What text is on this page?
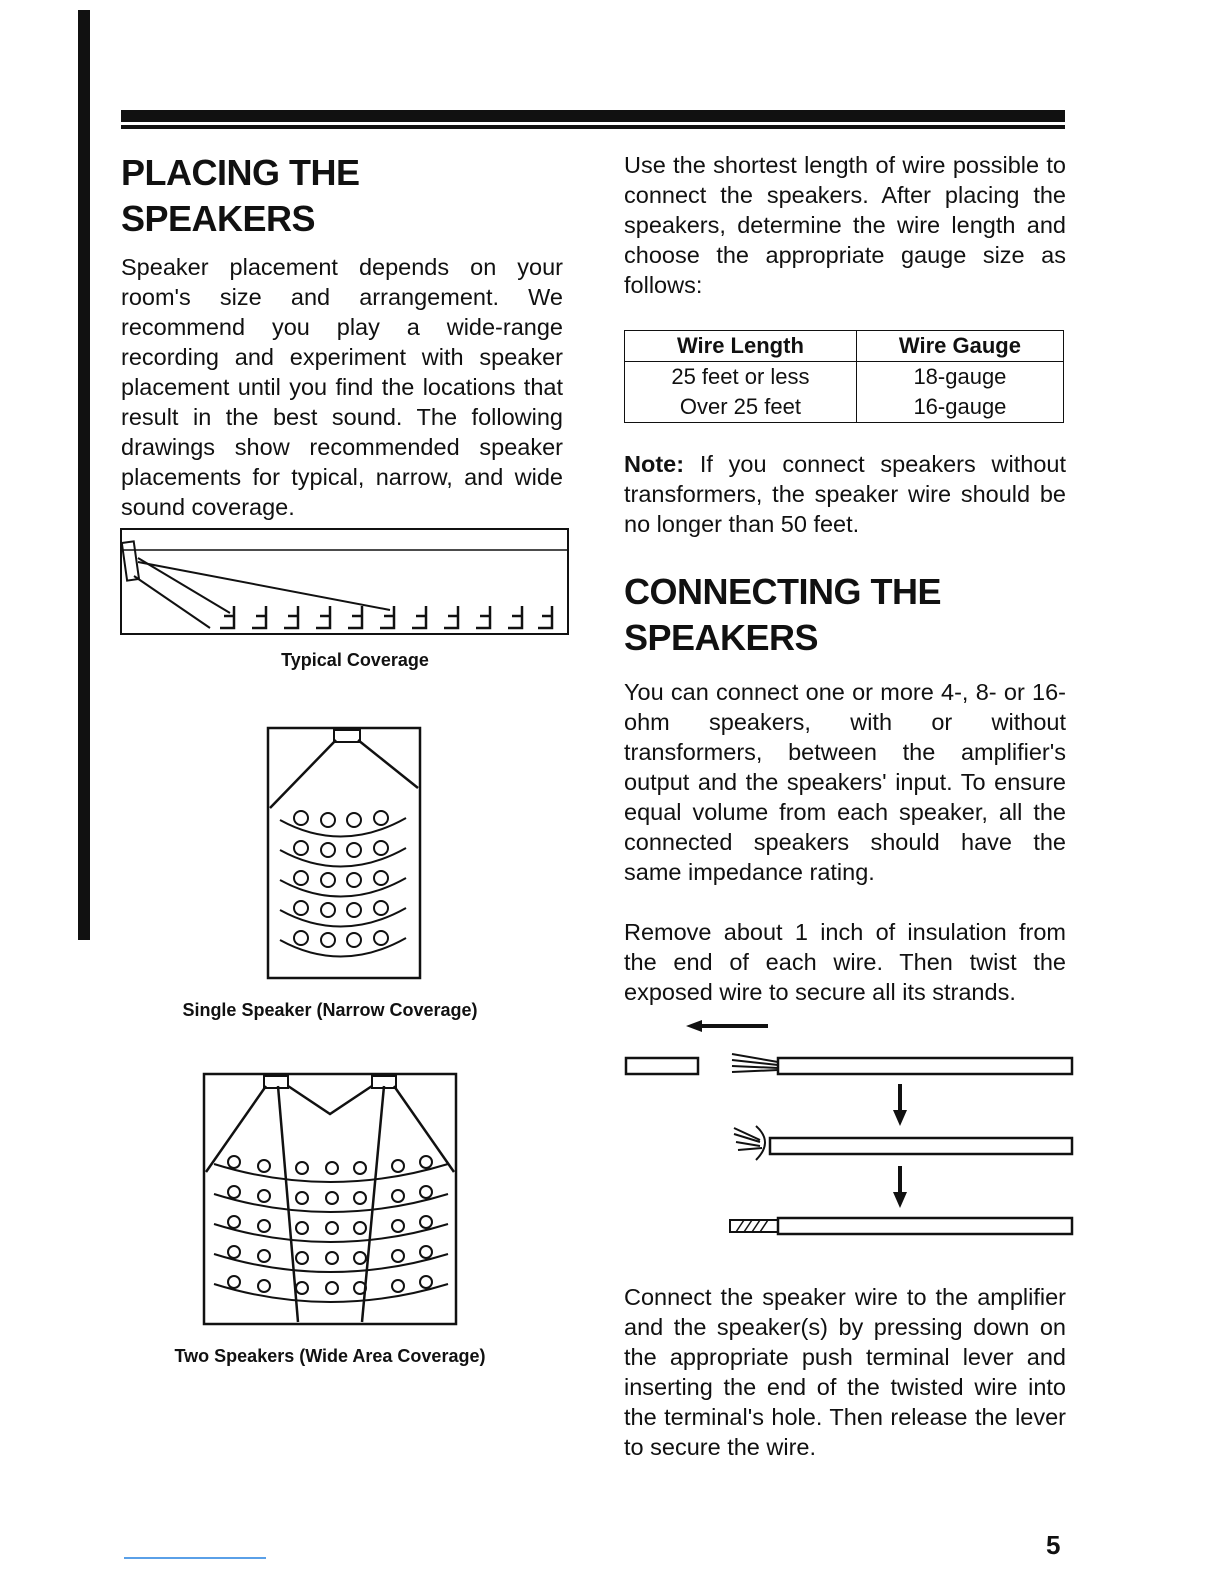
PLACING THE SPEAKERS

Speaker placement depends on your room's size and arrangement. We recommend you play a wide-range recording and experiment with speaker placement until you find the locations that result in the best sound. The following drawings show recommended speaker placements for typical, narrow, and wide sound coverage.

Typical Coverage
Single Speaker (Narrow Coverage)
Two Speakers (Wide Area Coverage)

Use the shortest length of wire possible to connect the speakers. After placing the speakers, determine the wire length and choose the appropriate gauge size as follows:

Wire Length	Wire Gauge
25 feet or less	18-gauge
Over 25 feet	16-gauge

Note: If you connect speakers without transformers, the speaker wire should be no longer than 50 feet.

CONNECTING THE
SPEAKERS

You can connect one or more 4-, 8- or 16-ohm speakers, with or without transformers, between the amplifier's output and the speakers' input. To ensure equal volume from each speaker, all the connected speakers should have the same impedance rating.

Remove about 1 inch of insulation from the end of each wire. Then twist the exposed wire to secure all its strands.

Connect the speaker wire to the amplifier and the speaker(s) by pressing down on the appropriate push terminal lever and inserting the end of the twisted wire into the terminal's hole. Then release the lever to secure the wire.

5
